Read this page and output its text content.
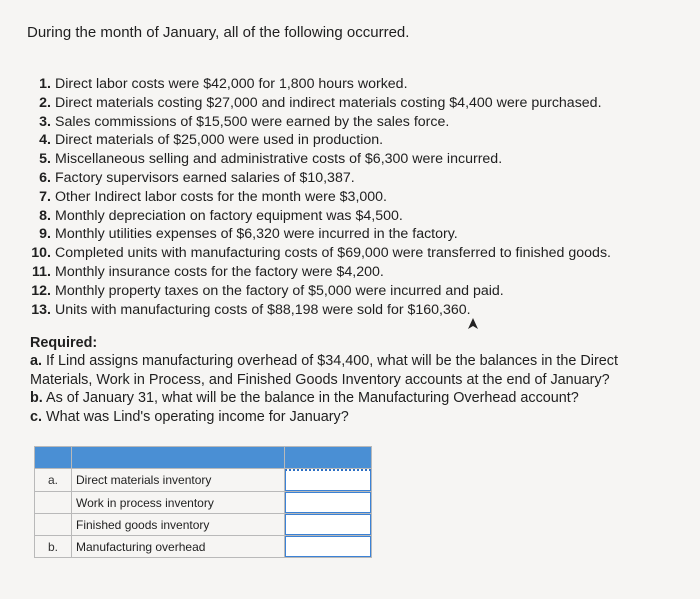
During the month of January, all of the following occurred.
1. Direct labor costs were $42,000 for 1,800 hours worked.
2. Direct materials costing $27,000 and indirect materials costing $4,400 were purchased.
3. Sales commissions of $15,500 were earned by the sales force.
4. Direct materials of $25,000 were used in production.
5. Miscellaneous selling and administrative costs of $6,300 were incurred.
6. Factory supervisors earned salaries of $10,387.
7. Other Indirect labor costs for the month were $3,000.
8. Monthly depreciation on factory equipment was $4,500.
9. Monthly utilities expenses of $6,320 were incurred in the factory.
10. Completed units with manufacturing costs of $69,000 were transferred to finished goods.
11. Monthly insurance costs for the factory were $4,200.
12. Monthly property taxes on the factory of $5,000 were incurred and paid.
13. Units with manufacturing costs of $88,198 were sold for $160,360.
Required:
a. If Lind assigns manufacturing overhead of $34,400, what will be the balances in the Direct
Materials, Work in Process, and Finished Goods Inventory accounts at the end of January?
b. As of January 31, what will be the balance in the Manufacturing Overhead account?
c. What was Lind's operating income for January?

a.	Direct materials inventory	

	Work in process inventory	

	Finished goods inventory	

b.	Manufacturing overhead	
